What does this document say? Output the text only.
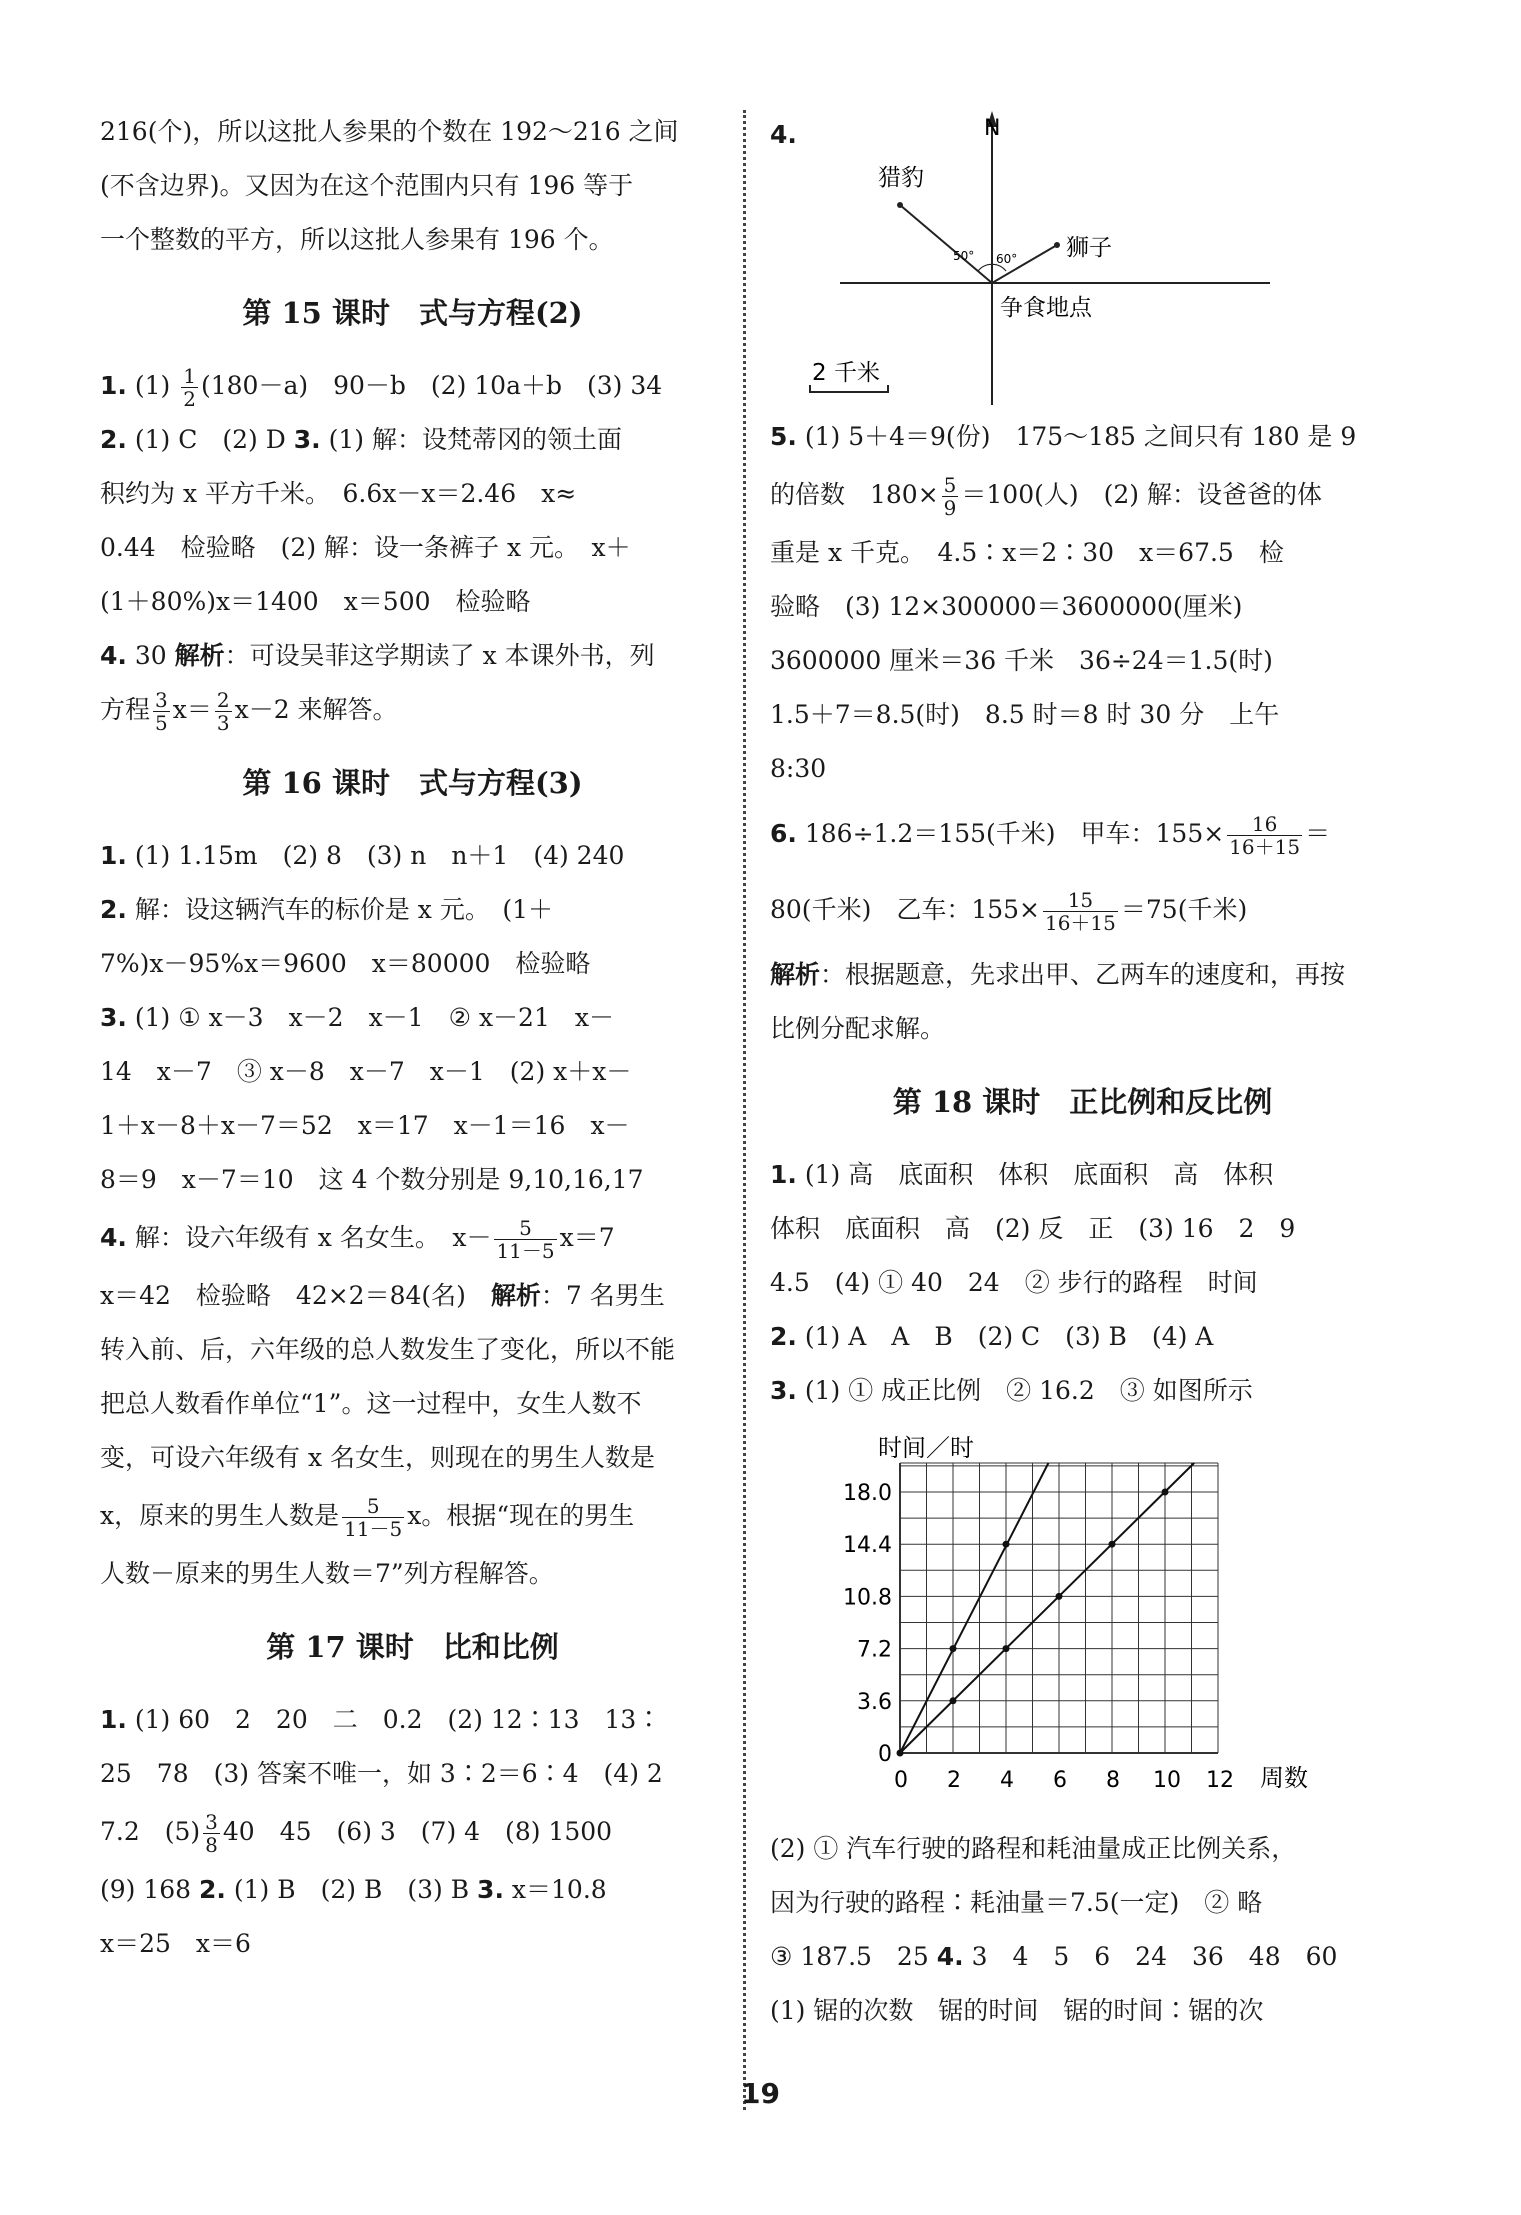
216(个)，所以这批人参果的个数在 192～216 之间

(不含边界)。又因为在这个范围内只有 196 等于

一个整数的平方，所以这批人参果有 196 个。

第 15 课时　式与方程(2)

1. $(1) \frac{1}{2} (180-a)$　90－b　(2) 10a＋b　(3) 34

2. (1) C　(2) D 3. (1) 解：设梵蒂冈的领土面

积约为 x 平方千米。　6.6x－x＝2.46　x≈

0.44　检验略　(2) 解：设一条裤子 x 元。　x＋

(1＋80%)x＝1400　x＝500　检验略

4. 30 解析：可设吴菲这学期读了 x 本课外书，列

方程 $\frac{3}{5} x= \frac{2}{3} x-2$ 来解答。

第 16 课时　式与方程(3)

1. (1) 1.15m　(2) 8　(3) n　n＋1　(4) 240

2. 解：设这辆汽车的标价是 x 元。　(1＋

7%)x－95%x＝9600　x＝80000　检验略

3. (1) ① x－3　x－2　x－1　② x－21　x－

14　x－7　③ x－8　x－7　x－1　(2) x＋x－

1＋x－8＋x－7＝52　x＝17　x－1＝16　x－

8＝9　x－7＝10　这 4 个数分别是 9,10,16,17

4. 解：设六年级有 x 名女生。　$x- \frac{5}{11-5} x=7$

x＝42　检验略　42×2＝84(名)　解析：7 名男生

转入前、后，六年级的总人数发生了变化，所以不能

把总人数看作单位“1”。这一过程中，女生人数不

变，可设六年级有 x 名女生，则现在的男生人数是

x，原来的男生人数是 $\frac{5}{11-5}$ x。根据“现在的男生

人数－原来的男生人数＝7”列方程解答。

第 17 课时　比和比例

1. (1) 60　2　20　二　0.2　(2) 12∶13　13∶

25　78　(3) 答案不唯一，如 3∶2＝6∶4　(4) 2

7.2　$(5) \frac{3}{8} 40$　45　(6) 3　(7) 4　(8) 1500

(9) 168 2. (1) B　(2) B　(3) B 3. x＝10.8

x＝25　x＝6

4.	N
猎豹
狮子
50° 60°
争食地点
2 千米

5. (1) 5＋4＝9(份)　175～185 之间只有 180 是 9

的倍数　$180\times \frac{5}{9} =100$(人)　(2) 解：设爸爸的体

重是 x 千克。　4.5∶x＝2∶30　x＝67.5　检

验略　(3) 12×300000＝3600000(厘米)

3600000 厘米＝36 千米　36÷24＝1.5(时)

1.5＋7＝8.5(时)　8.5 时＝8 时 30 分　上午

8:30

6. 186÷1.2＝155(千米)　甲车：$155\times \frac{16}{16+15}$ ＝

80(千米)　乙车：$155\times \frac{15}{16+15} =75$(千米)

解析：根据题意，先求出甲、乙两车的速度和，再按

比例分配求解。

第 18 课时　正比例和反比例

1. (1) 高　底面积　体积　底面积　高　体积

体积　底面积　高　(2) 反　正　(3) 16　2　9

4.5　(4) ① 40　24　② 步行的路程　时间

2. (1) A　A　B　(2) C　(3) B　(4) A

3. (1) ① 成正比例　② 16.2　③ 如图所示

时间／时
周数
0 2 4 6 8 10 12
0
3.6
7.2
10.8
14.4
18.0

(2) ① 汽车行驶的路程和耗油量成正比例关系，

因为行驶的路程∶耗油量＝7.5(一定)　② 略

③ 187.5　25 4. 3　4　5　6　24　36　48　60

(1) 锯的次数　锯的时间　锯的时间∶锯的次

19
